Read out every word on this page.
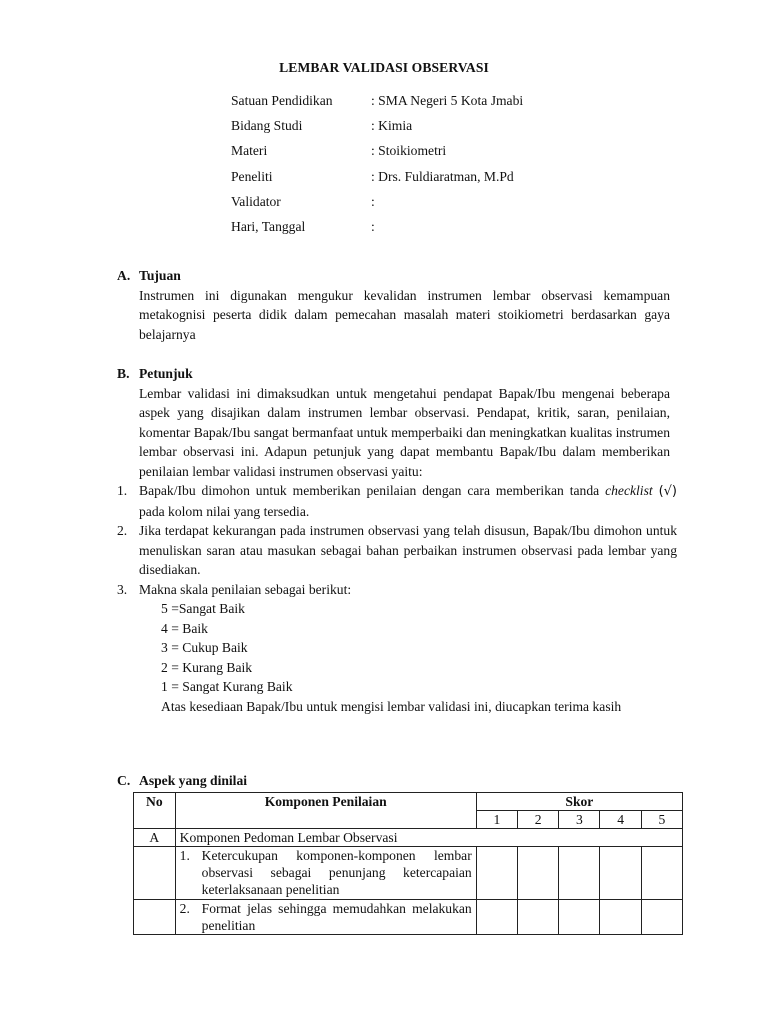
LEMBAR VALIDASI OBSERVASI
Satuan Pendidikan	: SMA Negeri 5 Kota Jmabi
Bidang Studi	: Kimia
Materi	: Stoikiometri
Peneliti	: Drs. Fuldiaratman, M.Pd
Validator	:
Hari, Tanggal	:
A. Tujuan

Instrumen ini digunakan mengukur kevalidan instrumen lembar observasi kemampuan metakognisi peserta didik dalam pemecahan masalah materi stoikiometri berdasarkan gaya belajarnya

B. Petunjuk

Lembar validasi ini dimaksudkan untuk mengetahui pendapat Bapak/Ibu mengenai beberapa aspek yang disajikan dalam instrumen lembar observasi. Pendapat, kritik, saran, penilaian, komentar Bapak/Ibu sangat bermanfaat untuk memperbaiki dan meningkatkan kualitas instrumen lembar observasi ini. Adapun petunjuk yang dapat membantu Bapak/Ibu dalam memberikan penilaian lembar validasi instrumen observasi yaitu:

1. Bapak/Ibu dimohon untuk memberikan penilaian dengan cara memberikan tanda checklist (√) pada kolom nilai yang tersedia.
2. Jika terdapat kekurangan pada instrumen observasi yang telah disusun, Bapak/Ibu dimohon untuk menuliskan saran atau masukan sebagai bahan perbaikan instrumen observasi pada lembar yang disediakan.
3. Makna skala penilaian sebagai berikut:
5 =Sangat Baik
4 = Baik
3 = Cukup Baik
2 = Kurang Baik
1 = Sangat Kurang Baik
Atas kesediaan Bapak/Ibu untuk mengisi lembar validasi ini, diucapkan terima kasih
C. Aspek yang dinilai
No	Komponen Penilaian	Skor				
		1	2	3	4	5
A	Komponen Pedoman Lembar Observasi					

	1. Ketercukupan komponen-komponen lembar observasi sebagai penunjang ketercapaian keterlaksanaan penelitian					

	2. Format jelas sehingga memudahkan melakukan penelitian					
